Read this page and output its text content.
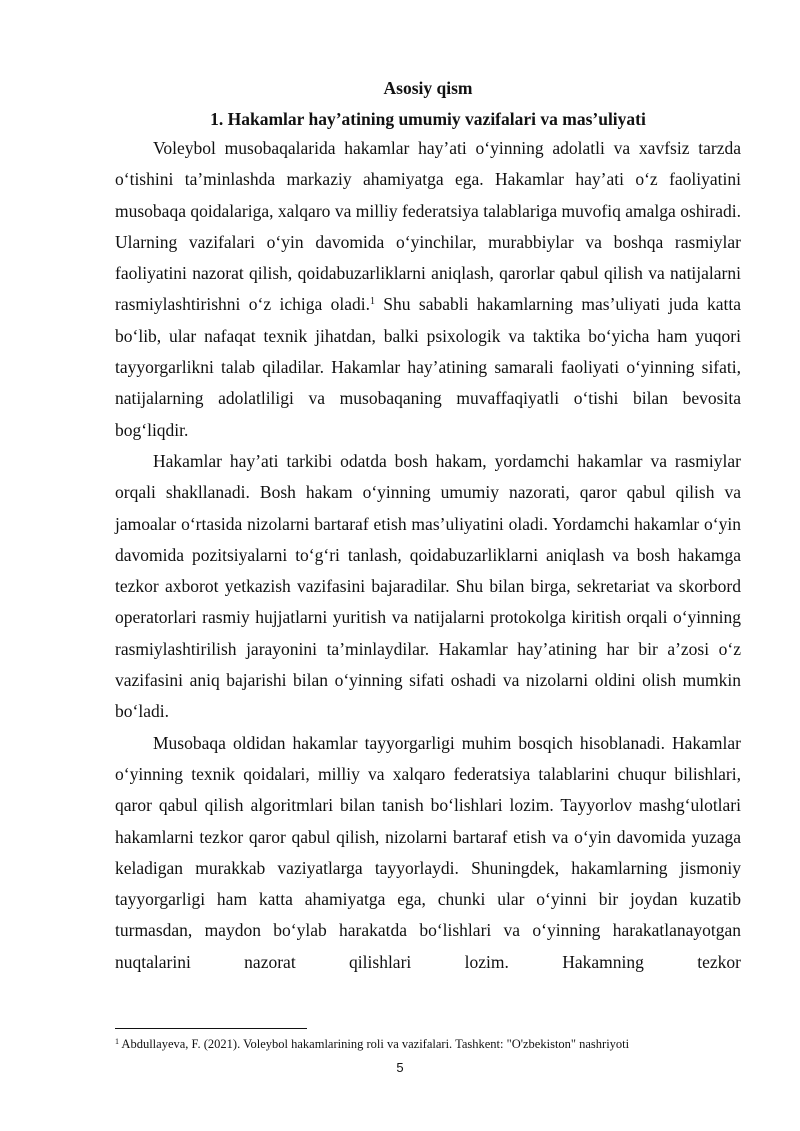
Asosiy qism

1. Hakamlar hay’atining umumiy vazifalari va mas’uliyati

Voleybol musobaqalarida hakamlar hay’ati o‘yinning adolatli va xavfsiz tarzda o‘tishini ta’minlashda markaziy ahamiyatga ega. Hakamlar hay’ati o‘z faoliyatini musobaqa qoidalariga, xalqaro va milliy federatsiya talablariga muvofiq amalga oshiradi. Ularning vazifalari o‘yin davomida o‘yinchilar, murabbiylar va boshqa rasmiylar faoliyatini nazorat qilish, qoidabuzarliklarni aniqlash, qarorlar qabul qilish va natijalarni rasmiylashtirishni o‘z ichiga oladi.$^1$ Shu sababli hakamlarning mas’uliyati juda katta bo‘lib, ular nafaqat texnik jihatdan, balki psixologik va taktika bo‘yicha ham yuqori tayyorgarlikni talab qiladilar. Hakamlar hay’atining samarali faoliyati o‘yinning sifati, natijalarning adolatliligi va musobaqaning muvaffaqiyatli o‘tishi bilan bevosita bog‘liqdir.

Hakamlar hay’ati tarkibi odatda bosh hakam, yordamchi hakamlar va rasmiylar orqali shakllanadi. Bosh hakam o‘yinning umumiy nazorati, qaror qabul qilish va jamoalar o‘rtasida nizolarni bartaraf etish mas’uliyatini oladi. Yordamchi hakamlar o‘yin davomida pozitsiyalarni to‘g‘ri tanlash, qoidabuzarliklarni aniqlash va bosh hakamga tezkor axborot yetkazish vazifasini bajaradilar. Shu bilan birga, sekretariat va skorbord operatorlari rasmiy hujjatlarni yuritish va natijalarni protokolga kiritish orqali o‘yinning rasmiylashtirilish jarayonini ta’minlaydilar. Hakamlar hay’atining har bir a’zosi o‘z vazifasini aniq bajarishi bilan o‘yinning sifati oshadi va nizolarni oldini olish mumkin bo‘ladi.

Musobaqa oldidan hakamlar tayyorgarligi muhim bosqich hisoblanadi. Hakamlar o‘yinning texnik qoidalari, milliy va xalqaro federatsiya talablarini chuqur bilishlari, qaror qabul qilish algoritmlari bilan tanish bo‘lishlari lozim. Tayyorlov mashg‘ulotlari hakamlarni tezkor qaror qabul qilish, nizolarni bartaraf etish va o‘yin davomida yuzaga keladigan murakkab vaziyatlarga tayyorlaydi. Shuningdek, hakamlarning jismoniy tayyorgarligi ham katta ahamiyatga ega, chunki ular o‘yinni bir joydan kuzatib turmasdan, maydon bo‘ylab harakatda bo‘lishlari va o‘yinning harakatlanayotgan nuqtalarini nazorat qilishlari lozim. Hakamning tezkor

$^1$ Abdullayeva, F. (2021). Voleybol hakamlarining roli va vazifalari. Tashkent: "O'zbekiston" nashriyoti

5
